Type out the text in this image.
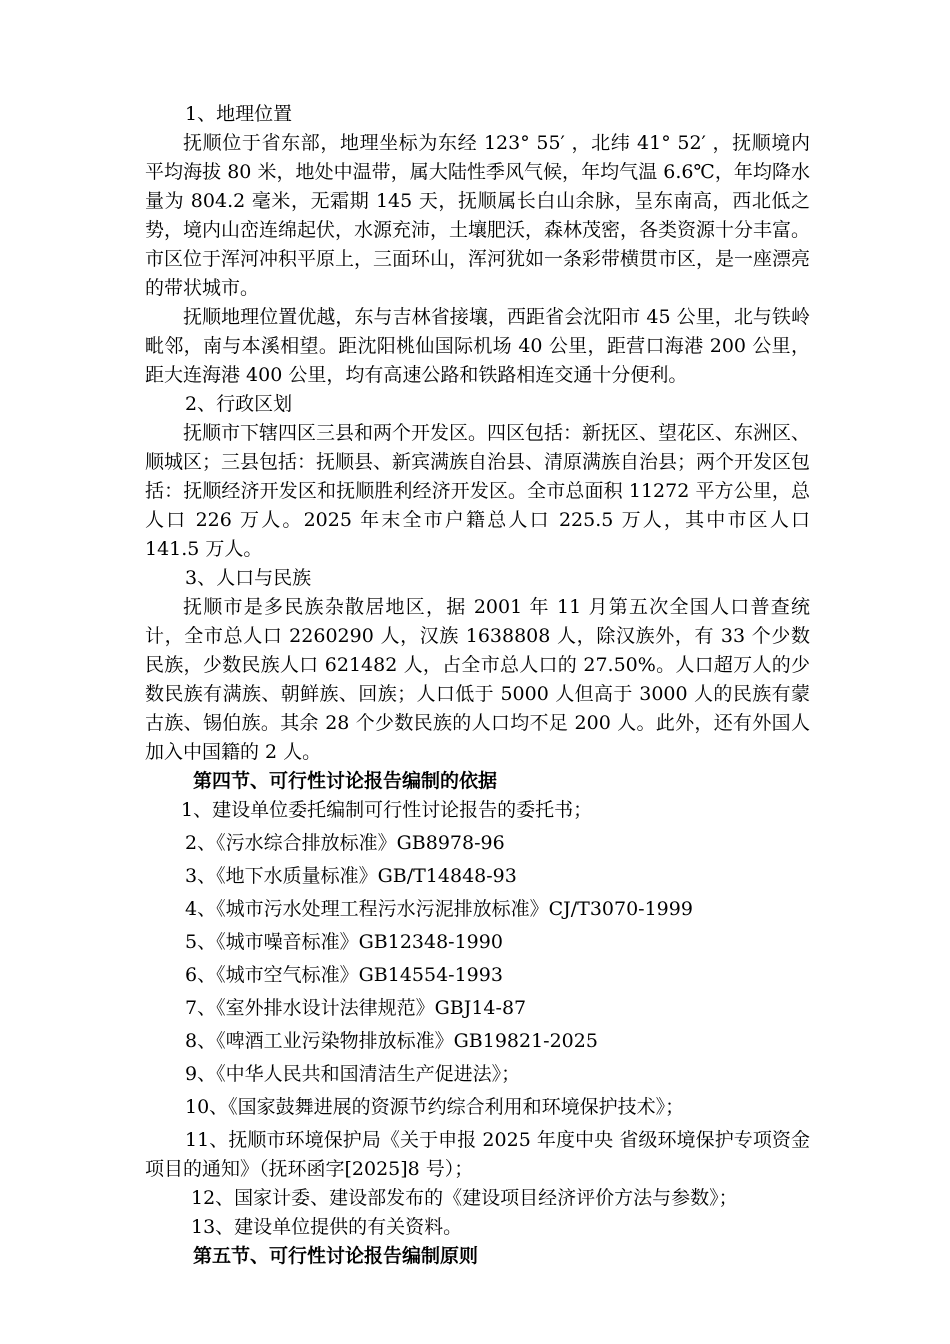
1、地理位置

抚顺位于省东部，地理坐标为东经 123° 55′ ，北纬 41° 52′ ，抚顺境内平均海拔 80 米，地处中温带，属大陆性季风气候，年均气温 6.6℃，年均降水量为 804.2 毫米，无霜期 145 天，抚顺属长白山余脉，呈东南高，西北低之势，境内山峦连绵起伏，水源充沛，土壤肥沃，森林茂密，各类资源十分丰富。市区位于浑河冲积平原上，三面环山，浑河犹如一条彩带横贯市区，是一座漂亮的带状城市。

抚顺地理位置优越，东与吉林省接壤，西距省会沈阳市 45 公里，北与铁岭毗邻，南与本溪相望。距沈阳桃仙国际机场 40 公里，距营口海港 200 公里，距大连海港 400 公里，均有高速公路和铁路相连交通十分便利。

2、行政区划

抚顺市下辖四区三县和两个开发区。四区包括：新抚区、望花区、东洲区、顺城区；三县包括：抚顺县、新宾满族自治县、清原满族自治县；两个开发区包括：抚顺经济开发区和抚顺胜利经济开发区。全市总面积 11272 平方公里，总人口 226 万人。2025 年末全市户籍总人口 225.5 万人，其中市区人口 141.5 万人。

3、人口与民族

抚顺市是多民族杂散居地区，据 2001 年 11 月第五次全国人口普查统计，全市总人口 2260290 人，汉族 1638808 人，除汉族外，有 33 个少数民族，少数民族人口 621482 人，占全市总人口的 27.50%。人口超万人的少数民族有满族、朝鲜族、回族；人口低于 5000 人但高于 3000 人的民族有蒙古族、锡伯族。其余 28 个少数民族的人口均不足 200 人。此外，还有外国人加入中国籍的 2 人。

第四节、可行性讨论报告编制的依据
1、建设单位委托编制可行性讨论报告的委托书；
2、《污水综合排放标准》GB8978-96
3、《地下水质量标准》GB/T14848-93
4、《城市污水处理工程污水污泥排放标准》CJ/T3070-1999
5、《城市噪音标准》GB12348-1990
6、《城市空气标准》GB14554-1993
7、《室外排水设计法律规范》GBJ14-87
8、《啤酒工业污染物排放标准》GB19821-2025
9、《中华人民共和国清洁生产促进法》；
10、《国家鼓舞进展的资源节约综合利用和环境保护技术》；
11、抚顺市环境保护局《关于申报 2025 年度中央 省级环境保护专项资金项目的通知》（抚环函字[2025]8 号）；
12、国家计委、建设部发布的《建设项目经济评价方法与参数》；
13、建设单位提供的有关资料。
第五节、可行性讨论报告编制原则
